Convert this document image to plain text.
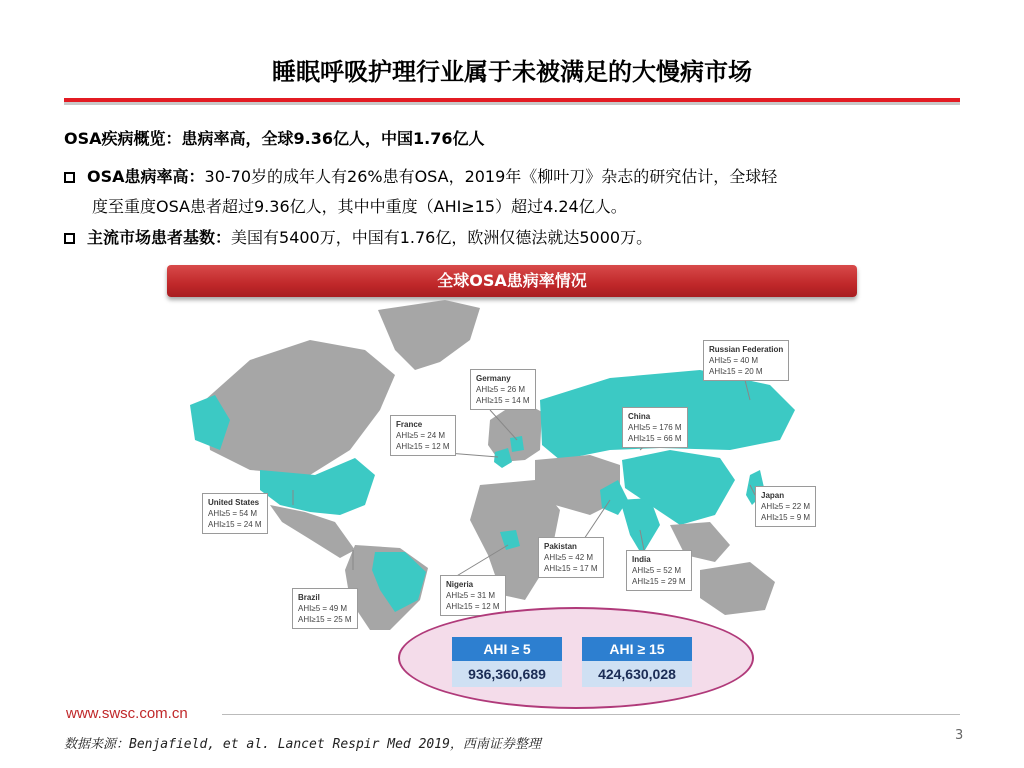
睡眠呼吸护理行业属于未被满足的大慢病市场
OSA疾病概览：患病率高，全球9.36亿人，中国1.76亿人
OSA患病率高：30-70岁的成年人有26%患有OSA，2019年《柳叶刀》杂志的研究估计，全球轻
度至重度OSA患者超过9.36亿人，其中中重度（AHI≥15）超过4.24亿人。
主流市场患者基数：美国有5400万，中国有1.76亿，欧洲仅德法就达5000万。
全球OSA患病率情况
Russian Federation
AHI≥5 = 40 M
AHI≥15 = 20 M
Germany
AHI≥5 = 26 M
AHI≥15 = 14 M
France
AHI≥5 = 24 M
AHI≥15 = 12 M
China
AHI≥5 = 176 M
AHI≥15 = 66 M
United States
AHI≥5 = 54 M
AHI≥15 = 24 M
Japan
AHI≥5 = 22 M
AHI≥15 = 9 M
Pakistan
AHI≥5 = 42 M
AHI≥15 = 17 M
India
AHI≥5 = 52 M
AHI≥15 = 29 M
Nigeria
AHI≥5 = 31 M
AHI≥15 = 12 M
Brazil
AHI≥5 = 49 M
AHI≥15 = 25 M
AHI ≥ 5
936,360,689
AHI ≥ 15
424,630,028
www.swsc.com.cn
3
数据来源：Benjafield, et al. Lancet Respir Med 2019，西南证券整理
